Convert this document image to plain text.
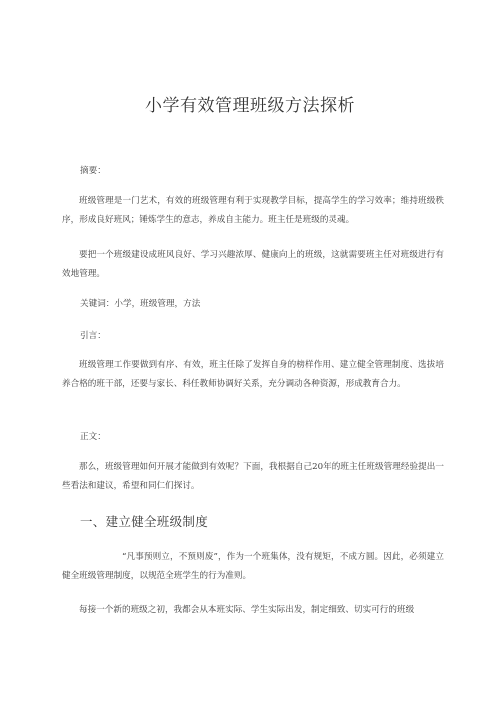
小学有效管理班级方法探析

摘要：

班级管理是一门艺术，有效的班级管理有利于实现教学目标，提高学生的学习效率；维持班级秩序，形成良好班风；锤炼学生的意志，养成自主能力。班主任是班级的灵魂。

要把一个班级建设成班风良好、学习兴趣浓厚、健康向上的班级，这就需要班主任对班级进行有效地管理。

关键词：小学，班级管理，方法

引言：

班级管理工作要做到有序、有效，班主任除了发挥自身的榜样作用、建立健全管理制度、选拔培养合格的班干部，还要与家长、科任教师协调好关系，充分调动各种资源，形成教育合力。

正文：

那么，班级管理如何开展才能做到有效呢？下面，我根据自己20年的班主任班级管理经验提出一些看法和建议，希望和同仁们探讨。

一、建立健全班级制度

“凡事预则立，不预则废”，作为一个班集体，没有规矩，不成方圆。因此，必须建立健全班级管理制度，以规范全班学生的行为准则。

每接一个新的班级之初，我都会从本班实际、学生实际出发，制定细致、切实可行的班级
